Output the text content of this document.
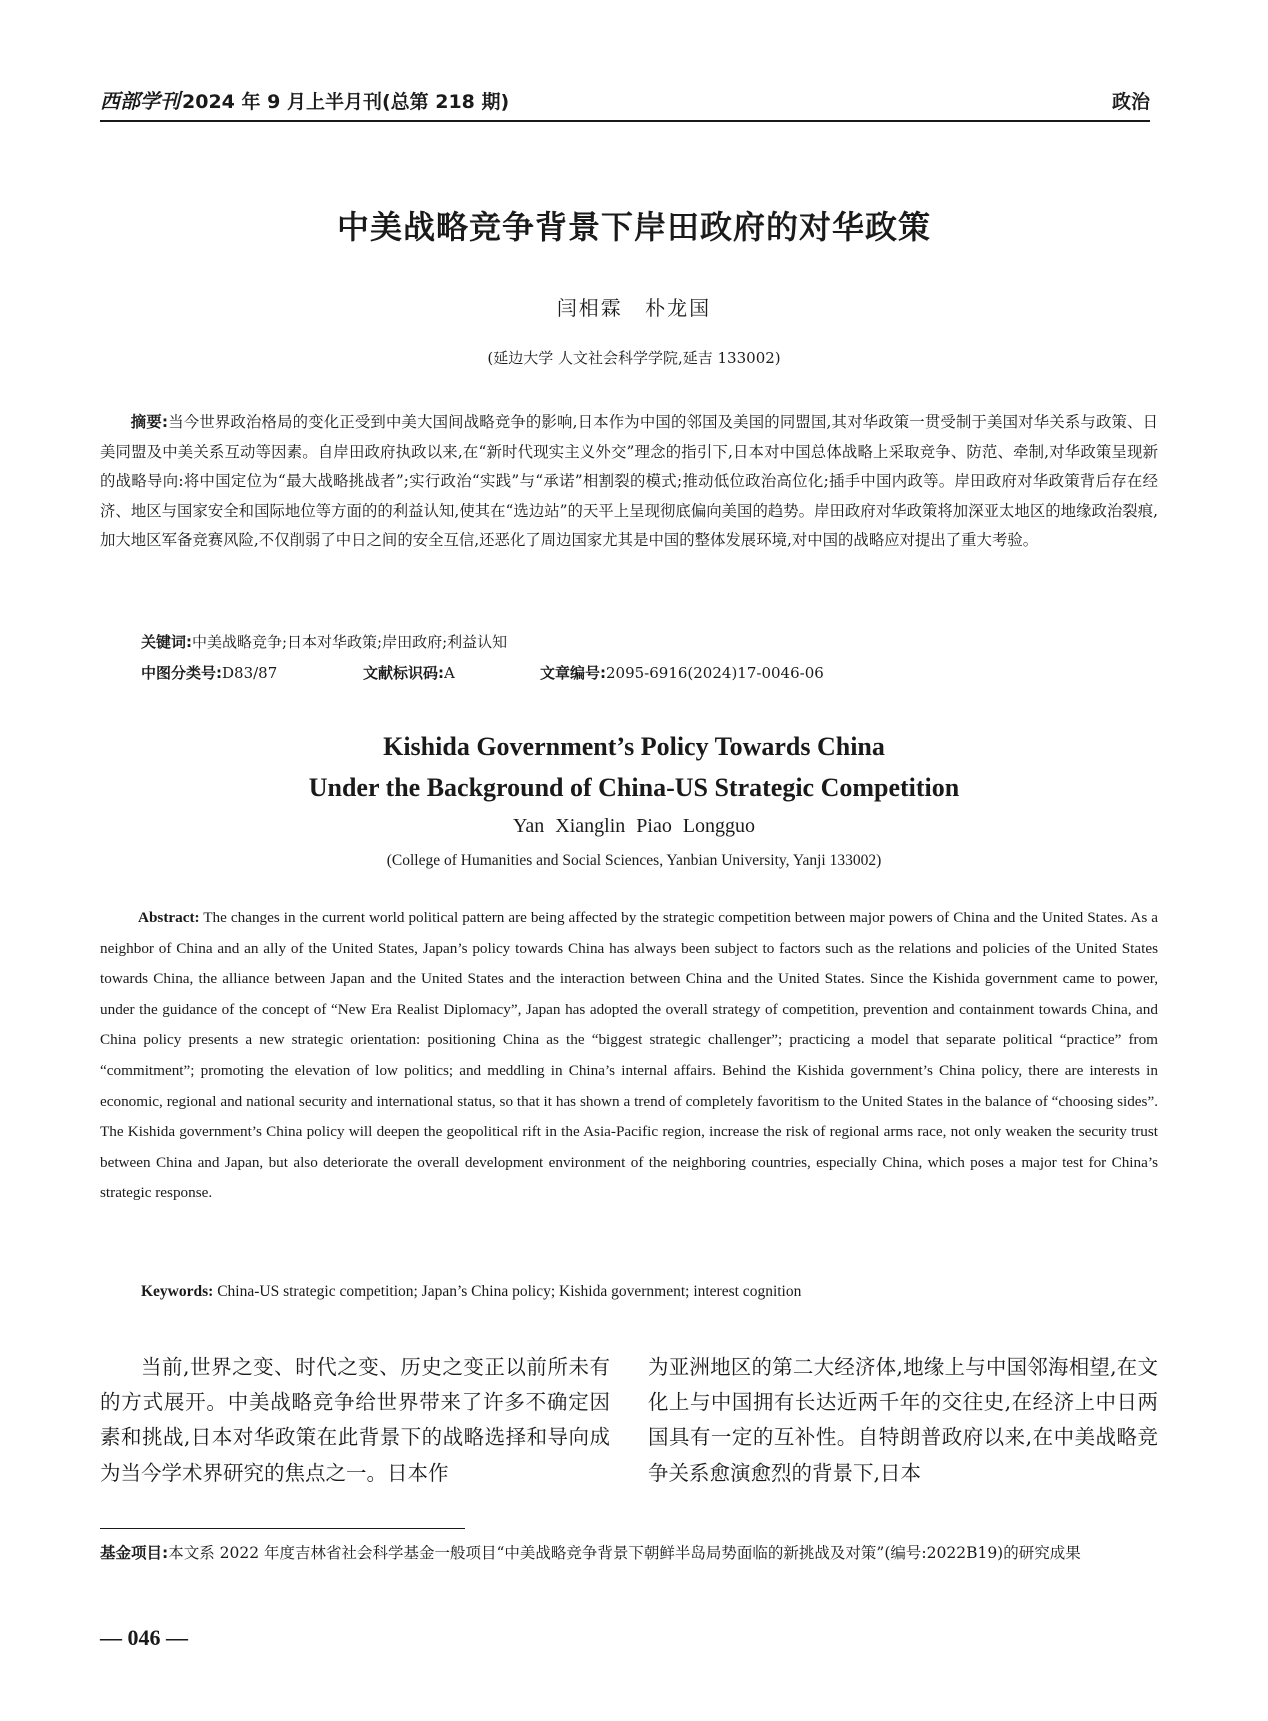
西部学刊 2024 年 9 月上半月刊(总第 218 期)	政治
中美战略竞争背景下岸田政府的对华政策
闫相霖 朴龙国
(延边大学 人文社会科学学院,延吉 133002)
摘要:当今世界政治格局的变化正受到中美大国间战略竞争的影响,日本作为中国的邻国及美国的同盟国,其对华政策一贯受制于美国对华关系与政策、日美同盟及中美关系互动等因素。自岸田政府执政以来,在“新时代现实主义外交”理念的指引下,日本对中国总体战略上采取竞争、防范、牵制,对华政策呈现新的战略导向:将中国定位为“最大战略挑战者”;实行政治“实践”与“承诺”相割裂的模式;推动低位政治高位化;插手中国内政等。岸田政府对华政策背后存在经济、地区与国家安全和国际地位等方面的的利益认知,使其在“选边站”的天平上呈现彻底偏向美国的趋势。岸田政府对华政策将加深亚太地区的地缘政治裂痕,加大地区军备竞赛风险,不仅削弱了中日之间的安全互信,还恶化了周边国家尤其是中国的整体发展环境,对中国的战略应对提出了重大考验。
关键词:中美战略竞争;日本对华政策;岸田政府;利益认知
中图分类号:D83/87	文献标识码:A	文章编号:2095-6916(2024)17-0046-06
Kishida Government’s Policy Towards China
Under the Background of China-US Strategic Competition
Yan Xianglin Piao Longguo
(College of Humanities and Social Sciences, Yanbian University, Yanji 133002)
Abstract: The changes in the current world political pattern are being affected by the strategic competition between major powers of China and the United States. As a neighbor of China and an ally of the United States, Japan’s policy towards China has always been subject to factors such as the relations and policies of the United States towards China, the alliance between Japan and the United States and the interaction between China and the United States. Since the Kishida government came to power, under the guidance of the concept of “New Era Realist Diplomacy”, Japan has adopted the overall strategy of competition, prevention and containment towards China, and China policy presents a new strategic orientation: positioning China as the “biggest strategic challenger”; practicing a model that separate political “practice” from “commitment”; promoting the elevation of low politics; and meddling in China’s internal affairs. Behind the Kishida government’s China policy, there are interests in economic, regional and national security and international status, so that it has shown a trend of completely favoritism to the United States in the balance of “choosing sides”. The Kishida government’s China policy will deepen the geopolitical rift in the Asia-Pacific region, increase the risk of regional arms race, not only weaken the security trust between China and Japan, but also deteriorate the overall development environment of the neighboring countries, especially China, which poses a major test for China’s strategic response.
Keywords: China-US strategic competition; Japan’s China policy; Kishida government; interest cognition
当前,世界之变、时代之变、历史之变正以前所未有的方式展开。中美战略竞争给世界带来了许多不确定因素和挑战,日本对华政策在此背景下的战略选择和导向成为当今学术界研究的焦点之一。日本作
为亚洲地区的第二大经济体,地缘上与中国邻海相望,在文化上与中国拥有长达近两千年的交往史,在经济上中日两国具有一定的互补性。自特朗普政府以来,在中美战略竞争关系愈演愈烈的背景下,日本
基金项目:本文系 2022 年度吉林省社会科学基金一般项目“中美战略竞争背景下朝鲜半岛局势面临的新挑战及对策”(编号:2022B19)的研究成果
— 046 —
